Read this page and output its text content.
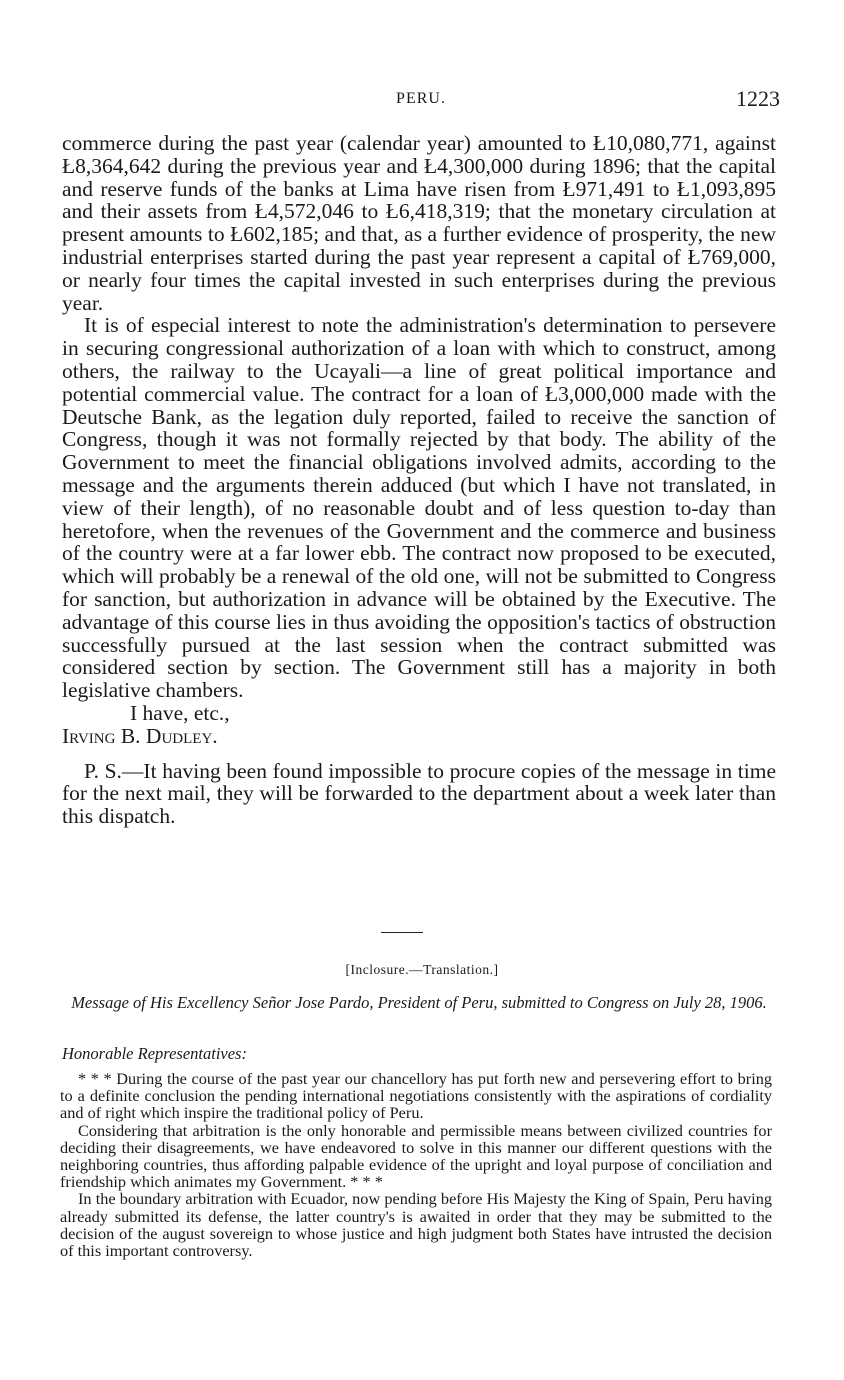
PERU.	1223

commerce during the past year (calendar year) amounted to Ł10,080,771, against Ł8,364,642 during the previous year and Ł4,300,000 during 1896; that the capital and reserve funds of the banks at Lima have risen from Ł971,491 to Ł1,093,895 and their assets from Ł4,572,046 to Ł6,418,319; that the monetary circulation at present amounts to Ł602,185; and that, as a further evidence of prosperity, the new industrial enterprises started during the past year represent a capital of Ł769,000, or nearly four times the capital invested in such enterprises during the previous year.

It is of especial interest to note the administration's determination to persevere in securing congressional authorization of a loan with which to construct, among others, the railway to the Ucayali—a line of great political importance and potential commercial value. The contract for a loan of Ł3,000,000 made with the Deutsche Bank, as the legation duly reported, failed to receive the sanction of Congress, though it was not formally rejected by that body. The ability of the Government to meet the financial obligations involved admits, according to the message and the arguments therein adduced (but which I have not translated, in view of their length), of no reasonable doubt and of less question to-day than heretofore, when the revenues of the Government and the commerce and business of the country were at a far lower ebb. The contract now proposed to be executed, which will probably be a renewal of the old one, will not be submitted to Congress for sanction, but authorization in advance will be obtained by the Executive. The advantage of this course lies in thus avoiding the opposition's tactics of obstruction successfully pursued at the last session when the contract submitted was considered section by section. The Government still has a majority in both legislative chambers.

I have, etc.,

Irving B. Dudley.

P. S.—It having been found impossible to procure copies of the message in time for the next mail, they will be forwarded to the department about a week later than this dispatch.

[Inclosure.—Translation.]
Message of His Excellency Señor Jose Pardo, President of Peru, submitted to Congress on July 28, 1906.
Honorable Representatives:

* * * During the course of the past year our chancellory has put forth new and persevering effort to bring to a definite conclusion the pending international negotiations consistently with the aspirations of cordiality and of right which inspire the traditional policy of Peru.

Considering that arbitration is the only honorable and permissible means between civilized countries for deciding their disagreements, we have endeavored to solve in this manner our different questions with the neighboring countries, thus affording palpable evidence of the upright and loyal purpose of conciliation and friendship which animates my Government. * * *

In the boundary arbitration with Ecuador, now pending before His Majesty the King of Spain, Peru having already submitted its defense, the latter country's is awaited in order that they may be submitted to the decision of the august sovereign to whose justice and high judgment both States have intrusted the decision of this important controversy.
